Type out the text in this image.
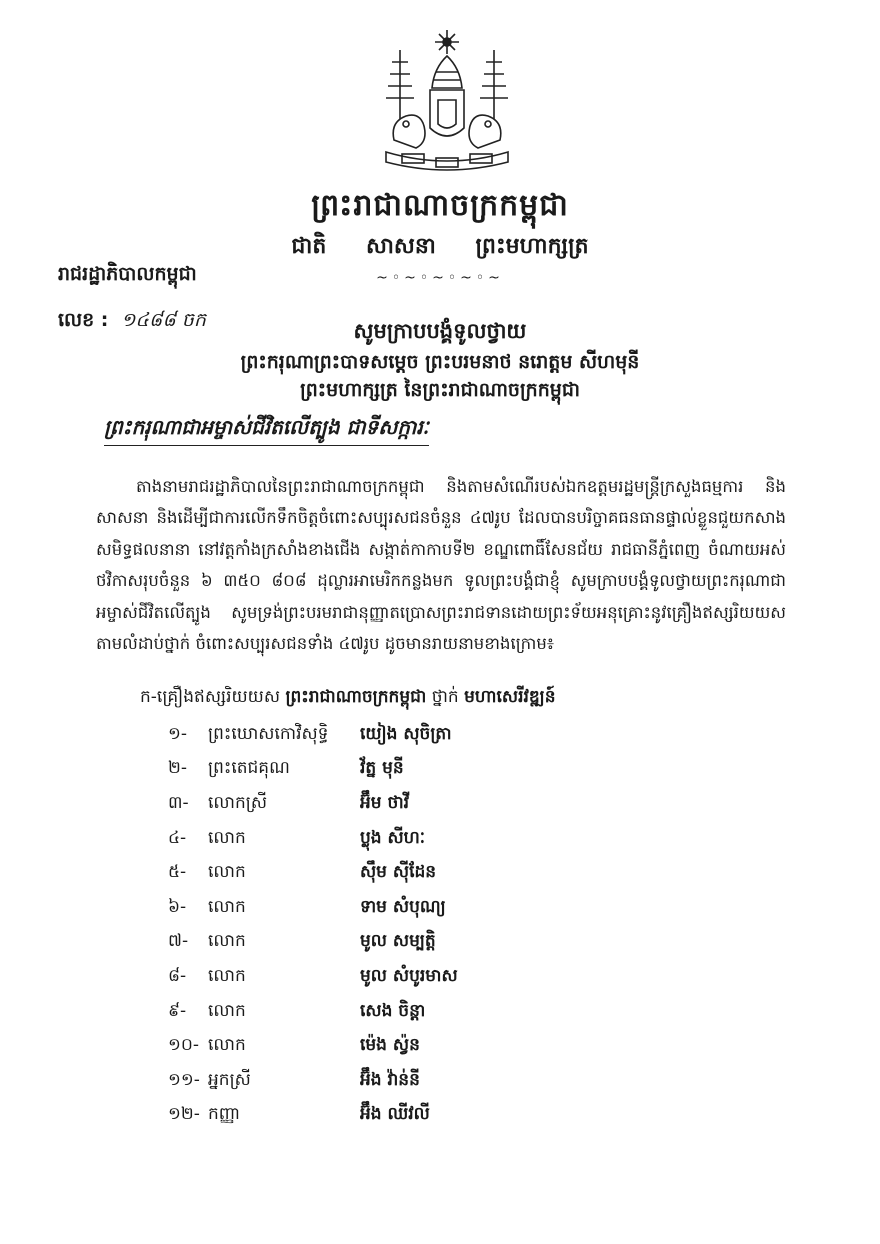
ព្រះរាជាណាចក្រកម្ពុជា
ជាតិ សាសនា ព្រះមហាក្សត្រ
~◦~◦~◦~◦~
រាជរដ្ឋាភិបាលកម្ពុជា
លេខ : ១៤៨៨ ចក	សូមក្រាបបង្គំទូលថ្វាយ
ព្រះករុណាព្រះបាទសម្តេច ព្រះបរមនាថ នរោត្តម សីហមុនី
ព្រះមហាក្សត្រ នៃព្រះរាជាណាចក្រកម្ពុជា
ព្រះករុណាជាអម្ចាស់ជីវិតលើត្បូង ជាទីសក្ការៈ

តាងនាមរាជរដ្ឋាភិបាលនៃព្រះរាជាណាចក្រកម្ពុជា និងតាមសំណើរបស់ឯកឧត្តមរដ្ឋមន្ត្រីក្រសួងធម្មការ និងសាសនា និងដើម្បីជាការលើកទឹកចិត្តចំពោះសប្បុរសជនចំនួន ៤៧រូប ដែលបានបរិច្ចាគធនធានផ្ទាល់ខ្លួនជួយកសាងសមិទ្ធផលនានា នៅវត្តកាំងក្រសាំងខាងជើង សង្កាត់កាកាបទី២ ខណ្ឌពោធិ៍សែនជ័យ រាជធានីភ្នំពេញ ចំណាយអស់ថវិកាសរុបចំនួន ៦ ៣៥០ ៨០៨ ដុល្លារអាមេរិកកន្លងមក ទូលព្រះបង្គំជាខ្ញុំ សូមក្រាបបង្គំទូលថ្វាយព្រះករុណាជាអម្ចាស់ជីវិតលើត្បូង សូមទ្រង់ព្រះបរមរាជានុញ្ញាតប្រោសព្រះរាជទានដោយព្រះទ័យអនុគ្រោះនូវគ្រឿងឥស្សរិយយសតាមលំដាប់ថ្នាក់ ចំពោះសប្បុរសជនទាំង ៤៧រូប ដូចមានរាយនាមខាងក្រោម៖

ក-គ្រឿងឥស្សរិយយស ព្រះរាជាណាចក្រកម្ពុជា ថ្នាក់ មហាសេរីវឌ្ឍន៍
១-	ព្រះឃោសកោវិសុទ្ធិ	យៀង សុចិត្រា
២-	ព្រះតេជគុណ	វ័ត្ន មុនី
៣-	លោកស្រី	អ៊ឹម ថាវី
៤-	លោក	ប្លុង សីហៈ
៥-	លោក	ស៊ឹម ស៊ីដែន
៦-	លោក	ទាម សំបុណ្យ
៧-	លោក	មូល សម្បត្តិ
៨-	លោក	មូល សំបូរមាស
៩-	លោក	សេង ចិន្តា
១០- លោក	ម៉េង ស្វ៉ន
១១- អ្នកស្រី	អ៊ឹង វ៉ាន់នី
១២- កញ្ញា	អ៊ឹង ឈីវលី
